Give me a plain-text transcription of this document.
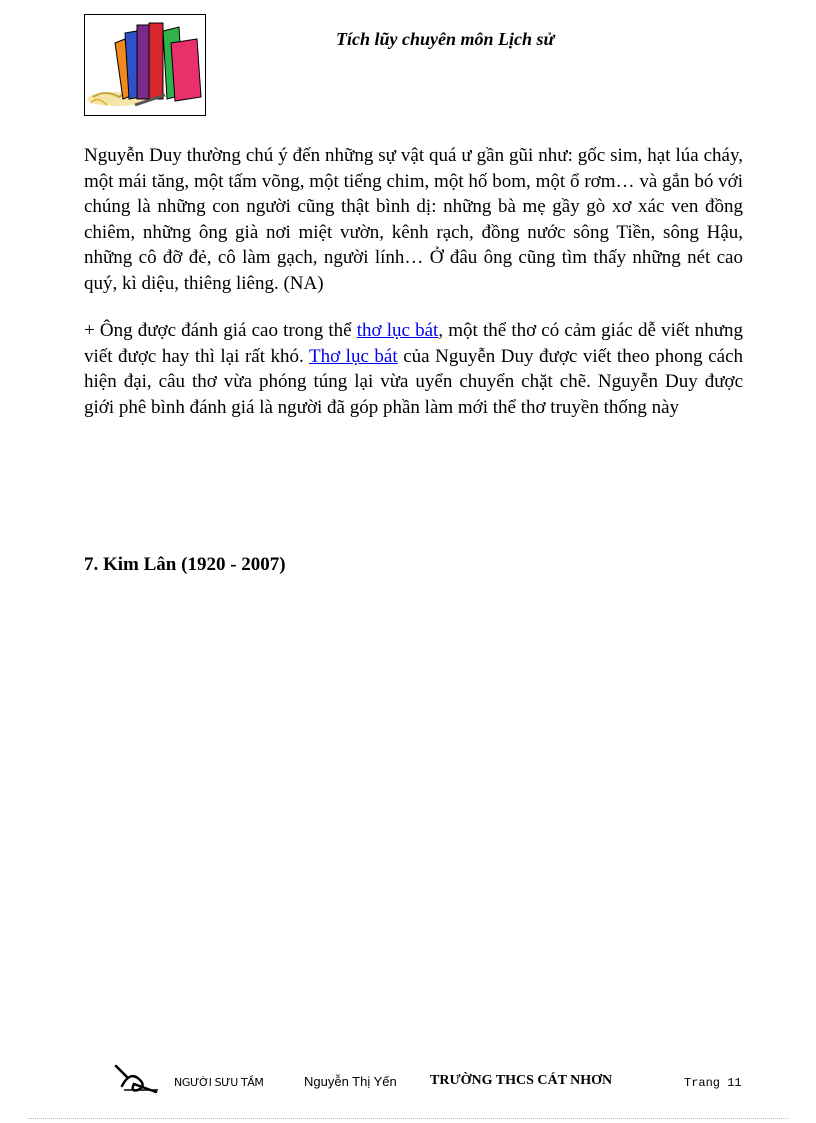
Tích lũy chuyên môn Lịch sử

Nguyễn Duy thường chú ý đến những sự vật quá ư gần gũi như: gốc sim, hạt lúa cháy, một mái tăng, một tấm võng, một tiếng chim, một hố bom, một ổ rơm… và gắn bó với chúng là những con người cũng thật bình dị: những bà mẹ gầy gò xơ xác ven đồng chiêm, những ông già nơi miệt vườn, kênh rạch, đồng nước sông Tiền, sông Hậu, những cô đỡ đẻ, cô làm gạch, người lính… Ở đâu ông cũng tìm thấy những nét cao quý, kì diệu, thiêng liêng. (NA)

+ Ông được đánh giá cao trong thể thơ lục bát, một thể thơ có cảm giác dễ viết nhưng viết được hay thì lại rất khó. Thơ lục bát của Nguyễn Duy được viết theo phong cách hiện đại, câu thơ vừa phóng túng lại vừa uyển chuyển chặt chẽ. Nguyễn Duy được giới phê bình đánh giá là người đã góp phần làm mới thể thơ truyền thống này

7. Kim Lân (1920 - 2007)
NGƯỜI SƯU TẦM	Nguyễn Thị Yến TRƯỜNG THCS CÁT NHƠN	Trang 11
